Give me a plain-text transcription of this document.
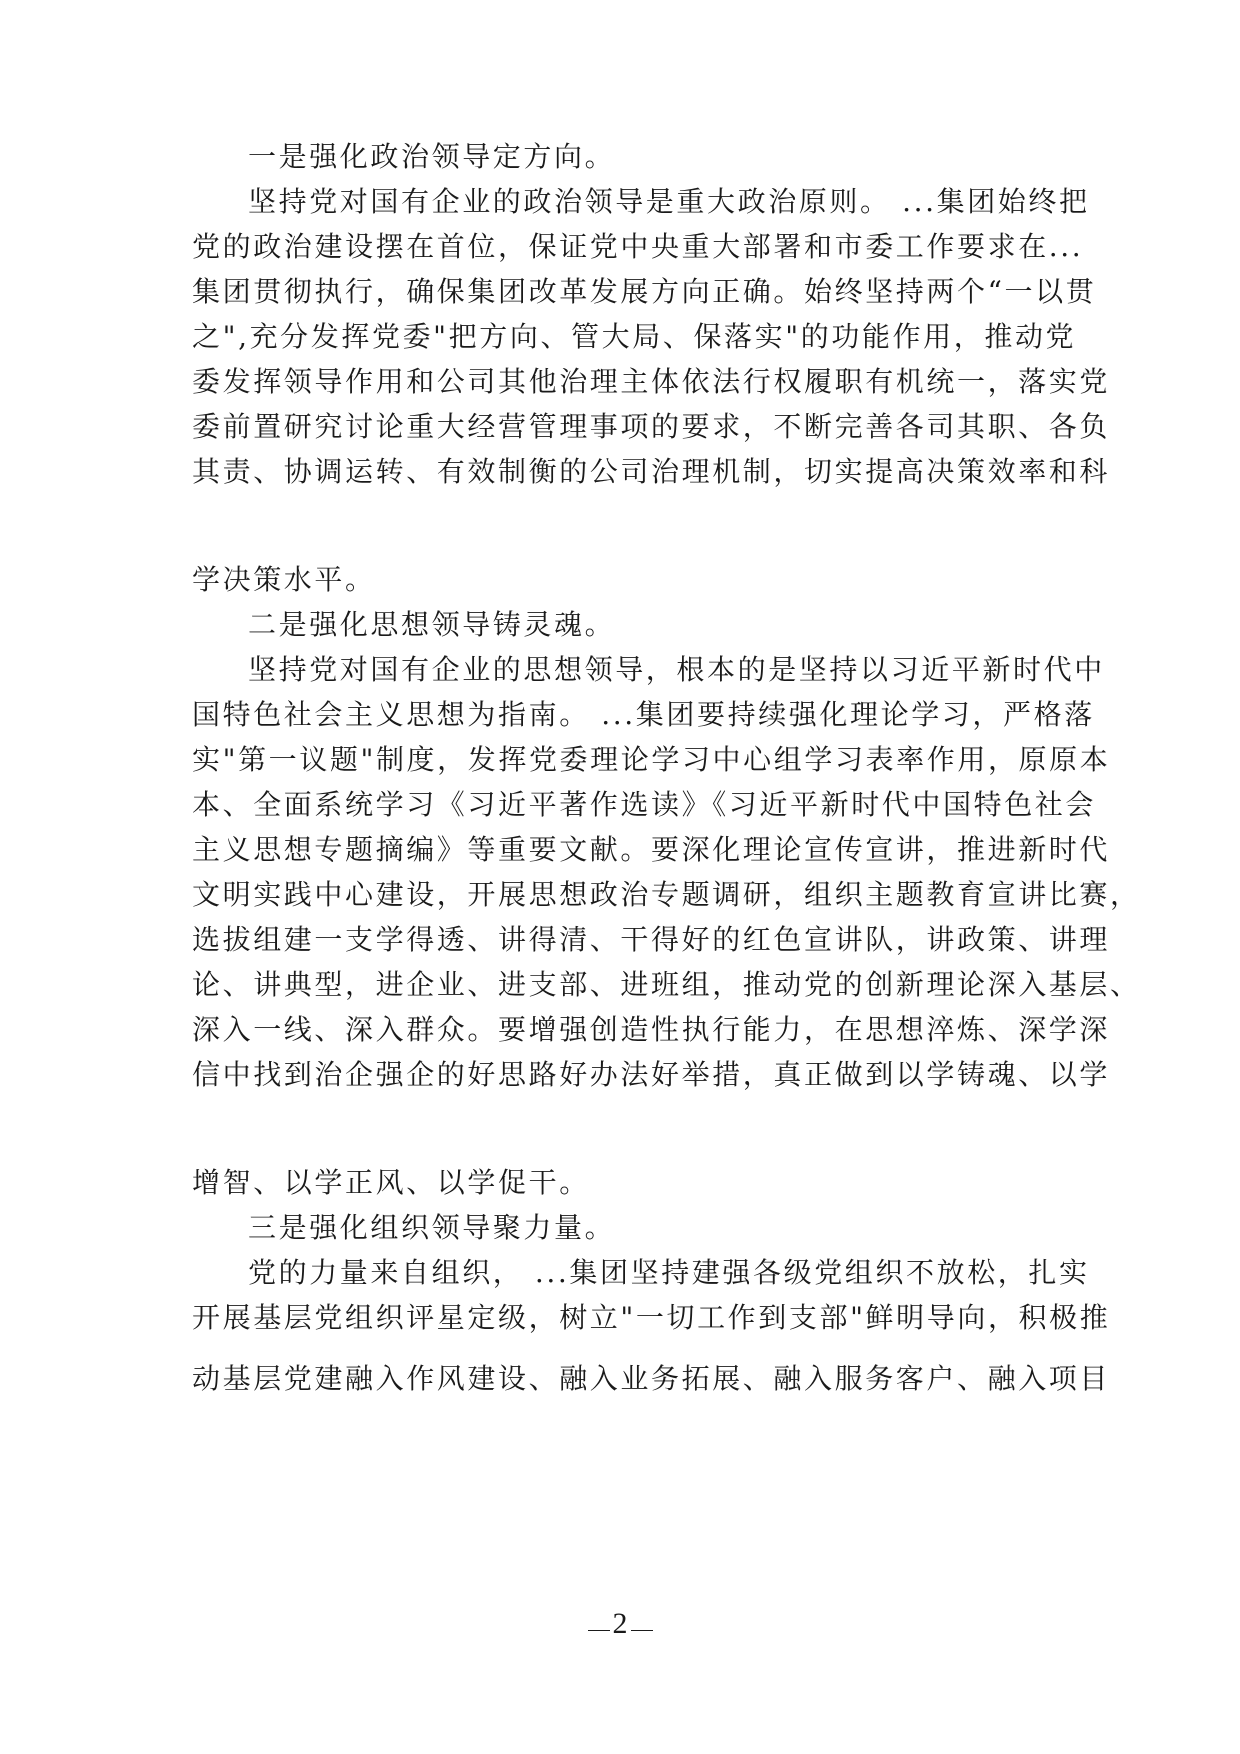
一是强化政治领导定方向。
坚持党对国有企业的政治领导是重大政治原则。 ...集团始终把
党的政治建设摆在首位，保证党中央重大部署和市委工作要求在...
集团贯彻执行，确保集团改革发展方向正确。始终坚持两个“一以贯
之",充分发挥党委"把方向、管大局、保落实"的功能作用，推动党
委发挥领导作用和公司其他治理主体依法行权履职有机统一，落实党
委前置研究讨论重大经营管理事项的要求，不断完善各司其职、各负
其责、协调运转、有效制衡的公司治理机制，切实提高决策效率和科
学决策水平。
二是强化思想领导铸灵魂。
坚持党对国有企业的思想领导，根本的是坚持以习近平新时代中
国特色社会主义思想为指南。 ...集团要持续强化理论学习，严格落
实"第一议题"制度，发挥党委理论学习中心组学习表率作用，原原本
本、全面系统学习《习近平著作选读》《习近平新时代中国特色社会
主义思想专题摘编》等重要文献。要深化理论宣传宣讲，推进新时代
文明实践中心建设，开展思想政治专题调研，组织主题教育宣讲比赛，
选拔组建一支学得透、讲得清、干得好的红色宣讲队，讲政策、讲理
论、讲典型，进企业、进支部、进班组，推动党的创新理论深入基层、
深入一线、深入群众。要增强创造性执行能力，在思想淬炼、深学深
信中找到治企强企的好思路好办法好举措，真正做到以学铸魂、以学
增智、以学正风、以学促干。
三是强化组织领导聚力量。
党的力量来自组织， ...集团坚持建强各级党组织不放松，扎实
开展基层党组织评星定级，树立"一切工作到支部"鲜明导向，积极推
动基层党建融入作风建设、融入业务拓展、融入服务客户、融入项目
2
